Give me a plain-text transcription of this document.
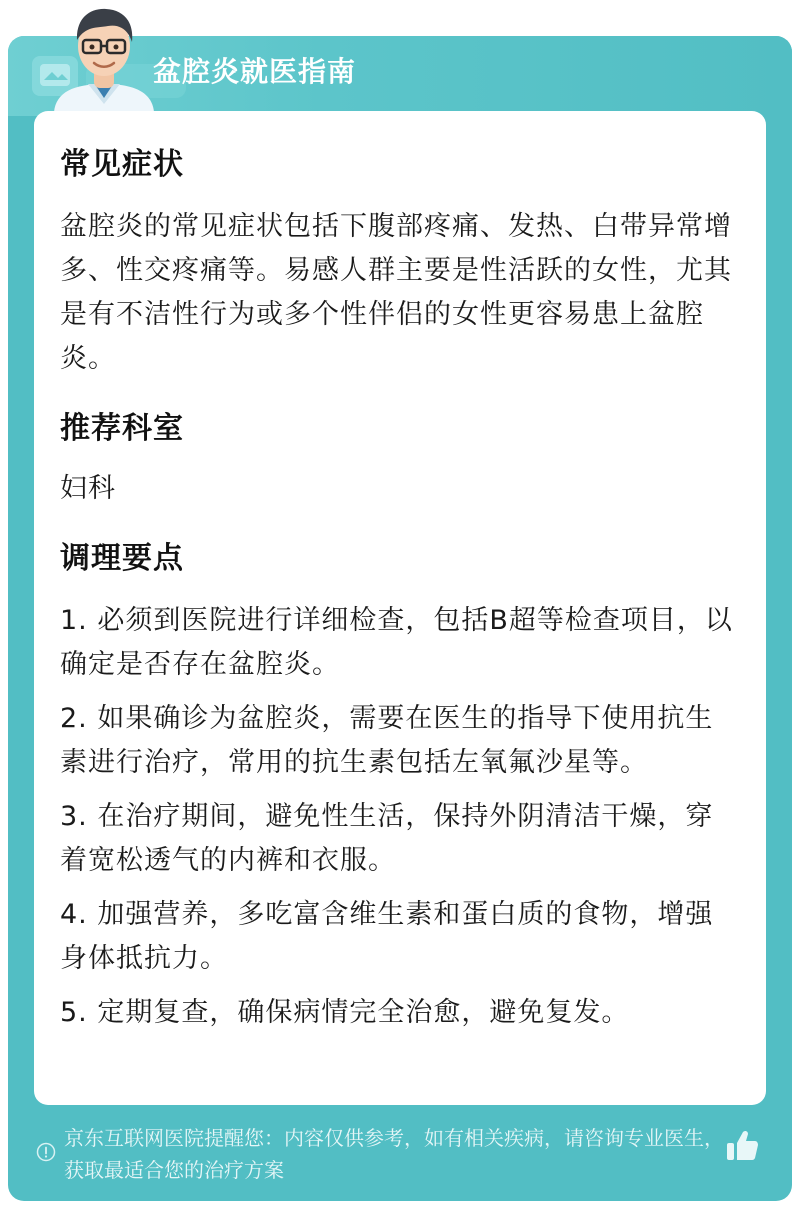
盆腔炎就医指南
常见症状

盆腔炎的常见症状包括下腹部疼痛、发热、白带异常增多、性交疼痛等。易感人群主要是性活跃的女性，尤其是有不洁性行为或多个性伴侣的女性更容易患上盆腔炎。

推荐科室

妇科

调理要点

1. 必须到医院进行详细检查，包括B超等检查项目，以确定是否存在盆腔炎。

2. 如果确诊为盆腔炎，需要在医生的指导下使用抗生素进行治疗，常用的抗生素包括左氧氟沙星等。

3. 在治疗期间，避免性生活，保持外阴清洁干燥，穿着宽松透气的内裤和衣服。

4. 加强营养，多吃富含维生素和蛋白质的食物，增强身体抵抗力。

5. 定期复查，确保病情完全治愈，避免复发。

京东互联网医院提醒您：内容仅供参考，如有相关疾病，请咨询专业医生，获取最适合您的治疗方案
